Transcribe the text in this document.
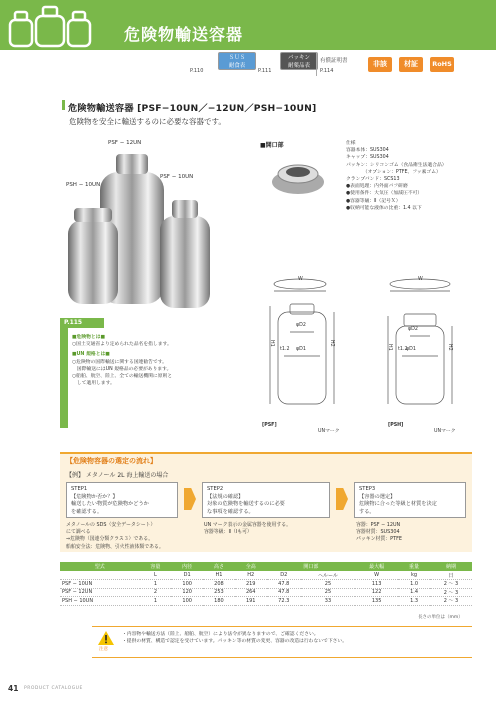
危険物輸送容器
ＳＵＳ
耐食表
P.110
パッキン
耐薬品表
P.111
有償証明書
P.114
非該	材証	RoHS
危険物輸送容器 [PSF−10UN／−12UN／PSH−10UN]
危険物を安全に輸送するのに必要な容器です。
PSF − 12UN
PSF − 10UN
PSH − 10UN
■開口部	仕様
容器本体：SUS304
キャップ：SUS304
パッキン：シリコンゴム（食品衛生法適合品）
　　　　（オプション：PTFE、フッ素ゴム）
クランプバンド：SCS13
●表面処理：内外面バフ研磨
●使用条件：大気圧（加減圧不可）
●容器等級：Ⅱ（記号Ｘ）
●収納可能な液体の比重：1.4 以下
P.115
■危険物とは■
○国土交通省より定められた品名を指します。
■UN 規格とは■
○危険物の国際輸送に関する国連勧告です。
　国際輸送にはUN 規格品の必要があります。
○船舶、航空、陸上、全ての輸送機関に原則と
　して適用します。
W	W
φD2
φD2
φD1	φD1
t1.2	t1.2
H1	H2
H1	H2
[PSF]	[PSH]
UNマーク	UNマーク
【危険物容器の選定の流れ】
【例】 メタノール 2L 海上輸送の場合
STEP1
【危険物か否か？】
輸送したい物質が危険物かどうか
を確認する。
STEP2
【法規の確認】
対象の危険物を輸送するのに必要
な事項を確認する。
STEP3
【容器の選定】
危険物に合った等級と材質を決定
する。
メタノールの SDS（安全データシート）
にて調べる
⇒危険物（国連分類クラス３）である。
船舶安全法：危険物、引火性液体類である。
UN マーク表示の金属容器を使用する。
容器等級：Ⅱ（Ⅰも可）
容器：PSF − 12UN
容器材質：SUS304
パッキン材質：PTFE
型式	容量	内径	高さ	全高	開口部		最大幅	重量	納期
	L	D1	H1	H2	D2	ヘルール	W	kg	日
PSF − 10UN	1	100	208	219	47.8	25	113	1.0	2 ～ 3
PSF − 12UN	2	120	253	264	47.8	25	122	1.4	2 ～ 3
PSH − 10UN	1	100	180	191	72.3	33	135	1.3	2 ～ 3
長さの単位は（mm）
注意
・内容物や輸送方法（陸上、船舶、航空）により法令が異なりますので、ご確認ください。
・提供の材質、構造で認定を受けています。パッキン等の材質の変更、容器の改造は行わないで下さい。
41 PRODUCT CATALOGUE
